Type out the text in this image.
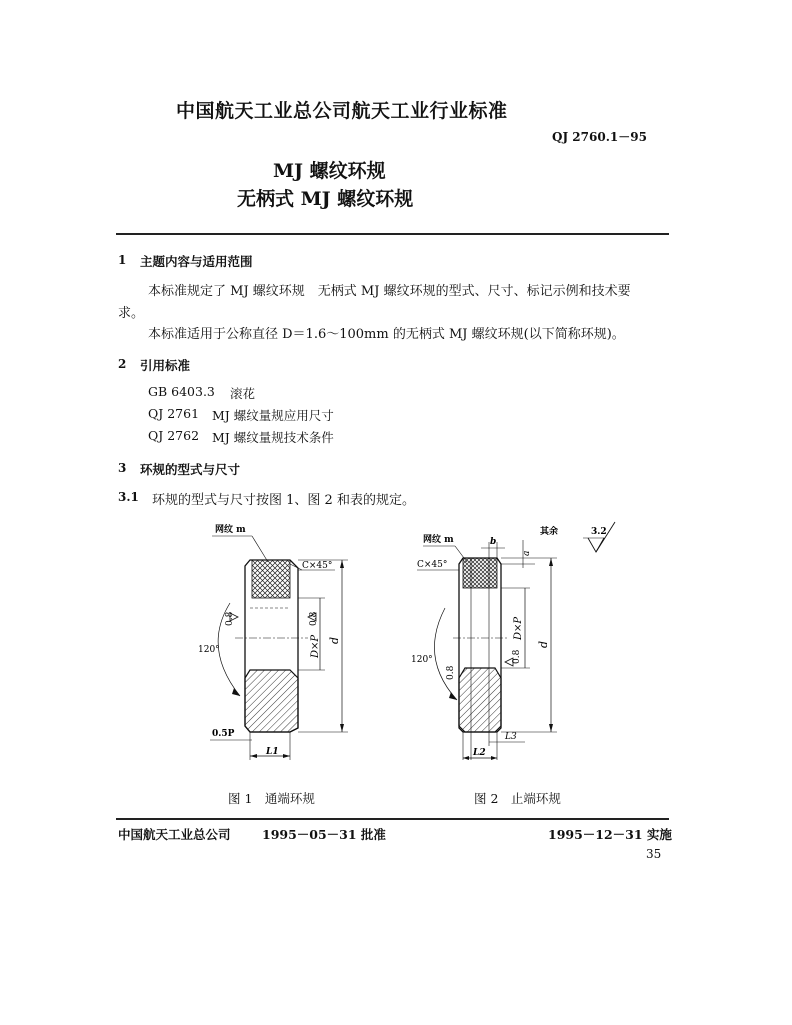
中国航天工业总公司航天工业行业标准
QJ 2760.1－95
MJ 螺纹环规
无柄式 MJ 螺纹环规
1 主题内容与适用范围
本标准规定了 MJ 螺纹环规　无柄式 MJ 螺纹环规的型式、尺寸、标记示例和技术要
求。
本标准适用于公称直径 D＝1.6～100mm 的无柄式 MJ 螺纹环规(以下简称环规)。
2 引用标准
GB 6403.3 滚花
QJ 2761 MJ 螺纹量规应用尺寸
QJ 2762 MJ 螺纹量规技术条件
3 环规的型式与尺寸
3.1 环规的型式与尺寸按图 1、图 2 和表的规定。
网纹 m
C×45°
0.8	0.8
120°	D×P d
0.5P
L1
图 1　通端环规
其余	3.2
网纹 m	b
a
C×45°
120°
0.8
0.8
D×P
d
L3
L2
图 2　止端环规
中国航天工业总公司	1995－05－31 批准	1995－12－31 实施
35
